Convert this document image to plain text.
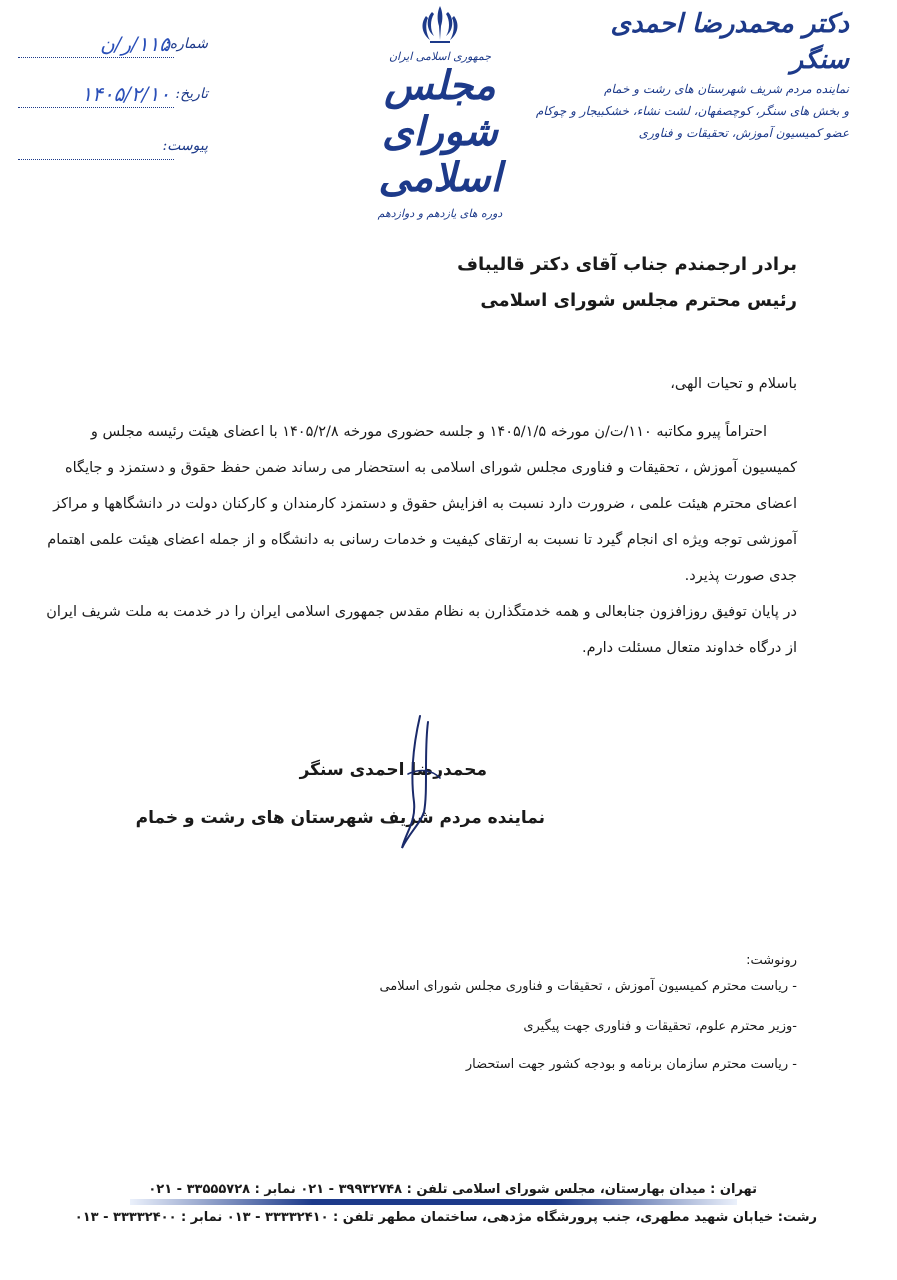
دکتر محمدرضا احمدی سنگر
نماینده مردم شریف شهرستان های رشت و خمام
و بخش های سنگر، کوچصفهان، لشت نشاء، خشکبیجار و چوکام
عضو کمیسیون آموزش، تحقیقات و فناوری
جمهوری اسلامی ایران
مجلس شورای اسلامی
دوره های یازدهم و دوازدهم
شماره:
۱۱۵/ر/ن
تاریخ:
۱۴۰۵/۲/۱۰
پیوست:
برادر ارجمندم جناب آقای دکتر قالیباف
رئیس محترم مجلس شورای اسلامی
باسلام و تحیات الهی،

احتراماً پیرو مکاتبه ۱۱۰/ت/ن مورخه ۱۴۰۵/۱/۵ و جلسه حضوری مورخه ۱۴۰۵/۲/۸ با اعضای هیئت رئیسه مجلس و کمیسیون آموزش ، تحقیقات و فناوری مجلس شورای اسلامی به استحضار می رساند ضمن حفظ حقوق و دستمزد و جایگاه اعضای محترم هیئت علمی ، ضرورت دارد نسبت به افزایش حقوق و دستمزد کارمندان و کارکنان دولت در دانشگاهها و مراکز آموزشی توجه ویژه ای انجام گیرد تا نسبت به ارتقای کیفیت و خدمات رسانی به دانشگاه و از جمله اعضای هیئت علمی اهتمام جدی صورت پذیرد.

در پایان توفیق روزافزون جنابعالی و همه خدمتگذارن به نظام مقدس جمهوری اسلامی ایران را در خدمت به ملت شریف ایران از درگاه خداوند متعال مسئلت دارم.

محمدرضا احمدی سنگر
نماینده مردم شریف شهرستان های رشت و خمام
رونوشت:
- ریاست محترم کمیسیون آموزش ، تحقیقات و فناوری مجلس شورای اسلامی
-وزیر محترم علوم، تحقیقات و فناوری جهت پیگیری
- ریاست محترم سازمان برنامه و بودجه کشور جهت استحضار
تهران : میدان بهارستان، مجلس شورای اسلامی تلفن : ۳۹۹۳۲۷۴۸ - ۰۲۱ نمابر : ۳۳۵۵۵۷۲۸ - ۰۲۱
رشت: خیابان شهید مطهری، جنب پرورشگاه مژدهی، ساختمان مطهر تلفن : ۳۳۳۳۲۴۱۰ - ۰۱۳ نمابر : ۳۳۳۳۲۴۰۰ - ۰۱۳
